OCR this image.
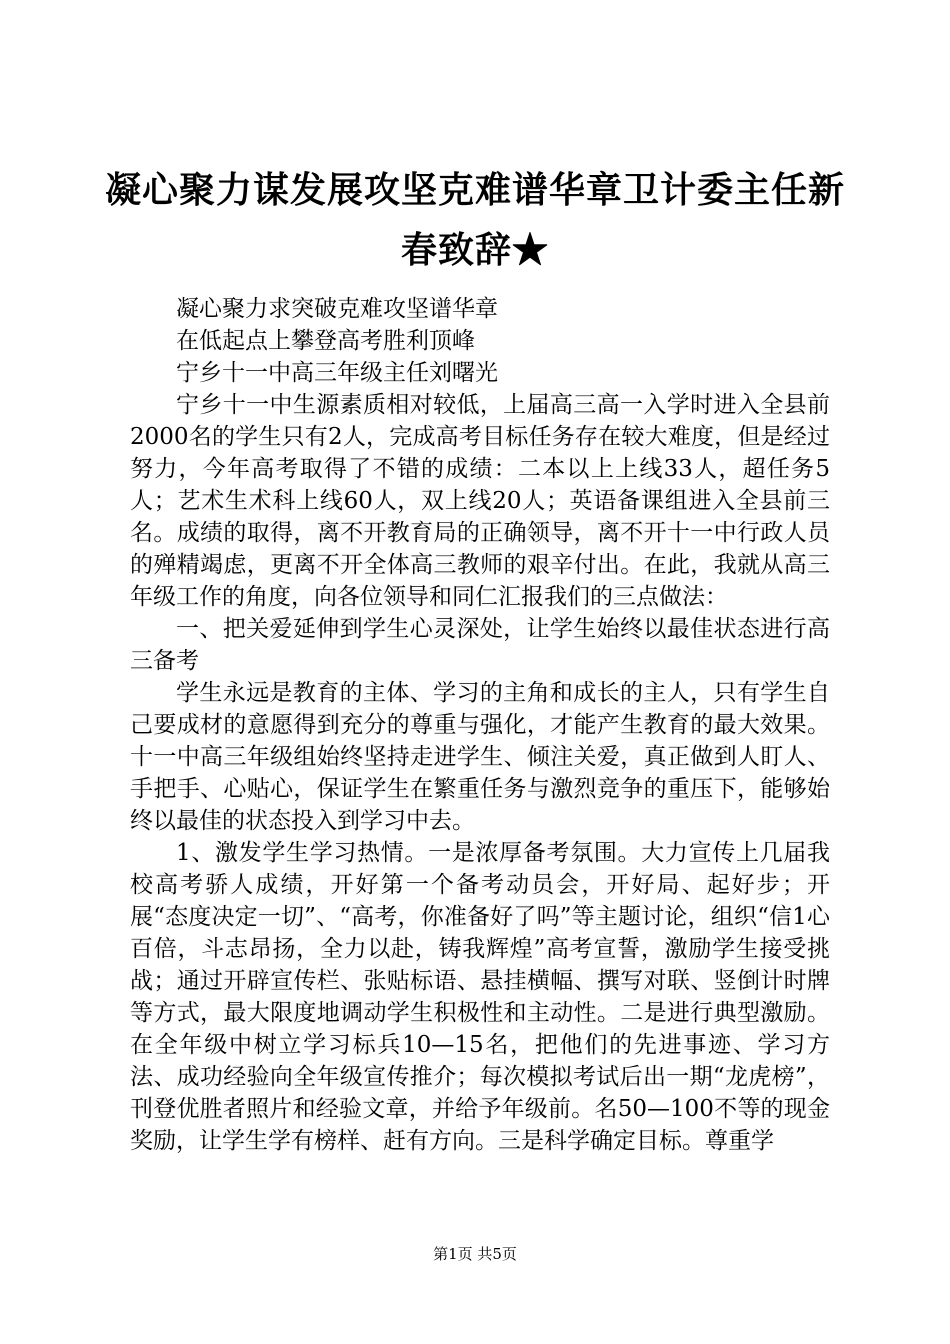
凝心聚力谋发展攻坚克难谱华章卫计委主任新
春致辞★

凝心聚力求突破克难攻坚谱华章

在低起点上攀登高考胜利顶峰

宁乡十一中高三年级主任刘曙光

宁乡十一中生源素质相对较低，上届高三高一入学时进入全县前2000名的学生只有2人，完成高考目标任务存在较大难度，但是经过努力，今年高考取得了不错的成绩：二本以上上线33人，超任务5人；艺术生术科上线60人，双上线20人；英语备课组进入全县前三名。成绩的取得，离不开教育局的正确领导，离不开十一中行政人员的殚精竭虑，更离不开全体高三教师的艰辛付出。在此，我就从高三年级工作的角度，向各位领导和同仁汇报我们的三点做法：

一、把关爱延伸到学生心灵深处，让学生始终以最佳状态进行高三备考

学生永远是教育的主体、学习的主角和成长的主人，只有学生自己要成材的意愿得到充分的尊重与强化，才能产生教育的最大效果。十一中高三年级组始终坚持走进学生、倾注关爱，真正做到人盯人、手把手、心贴心，保证学生在繁重任务与激烈竞争的重压下，能够始终以最佳的状态投入到学习中去。

1、激发学生学习热情。一是浓厚备考氛围。大力宣传上几届我校高考骄人成绩，开好第一个备考动员会，开好局、起好步；开展“态度决定一切”、“高考，你准备好了吗”等主题讨论，组织“信1心百倍，斗志昂扬，全力以赴，铸我辉煌”高考宣誓，激励学生接受挑战；通过开辟宣传栏、张贴标语、悬挂横幅、撰写对联、竖倒计时牌等方式，最大限度地调动学生积极性和主动性。二是进行典型激励。在全年级中树立学习标兵10—15名，把他们的先进事迹、学习方法、成功经验向全年级宣传推介；每次模拟考试后出一期“龙虎榜”，刊登优胜者照片和经验文章，并给予年级前。名50—100不等的现金奖励，让学生学有榜样、赶有方向。三是科学确定目标。尊重学

第1页 共5页
